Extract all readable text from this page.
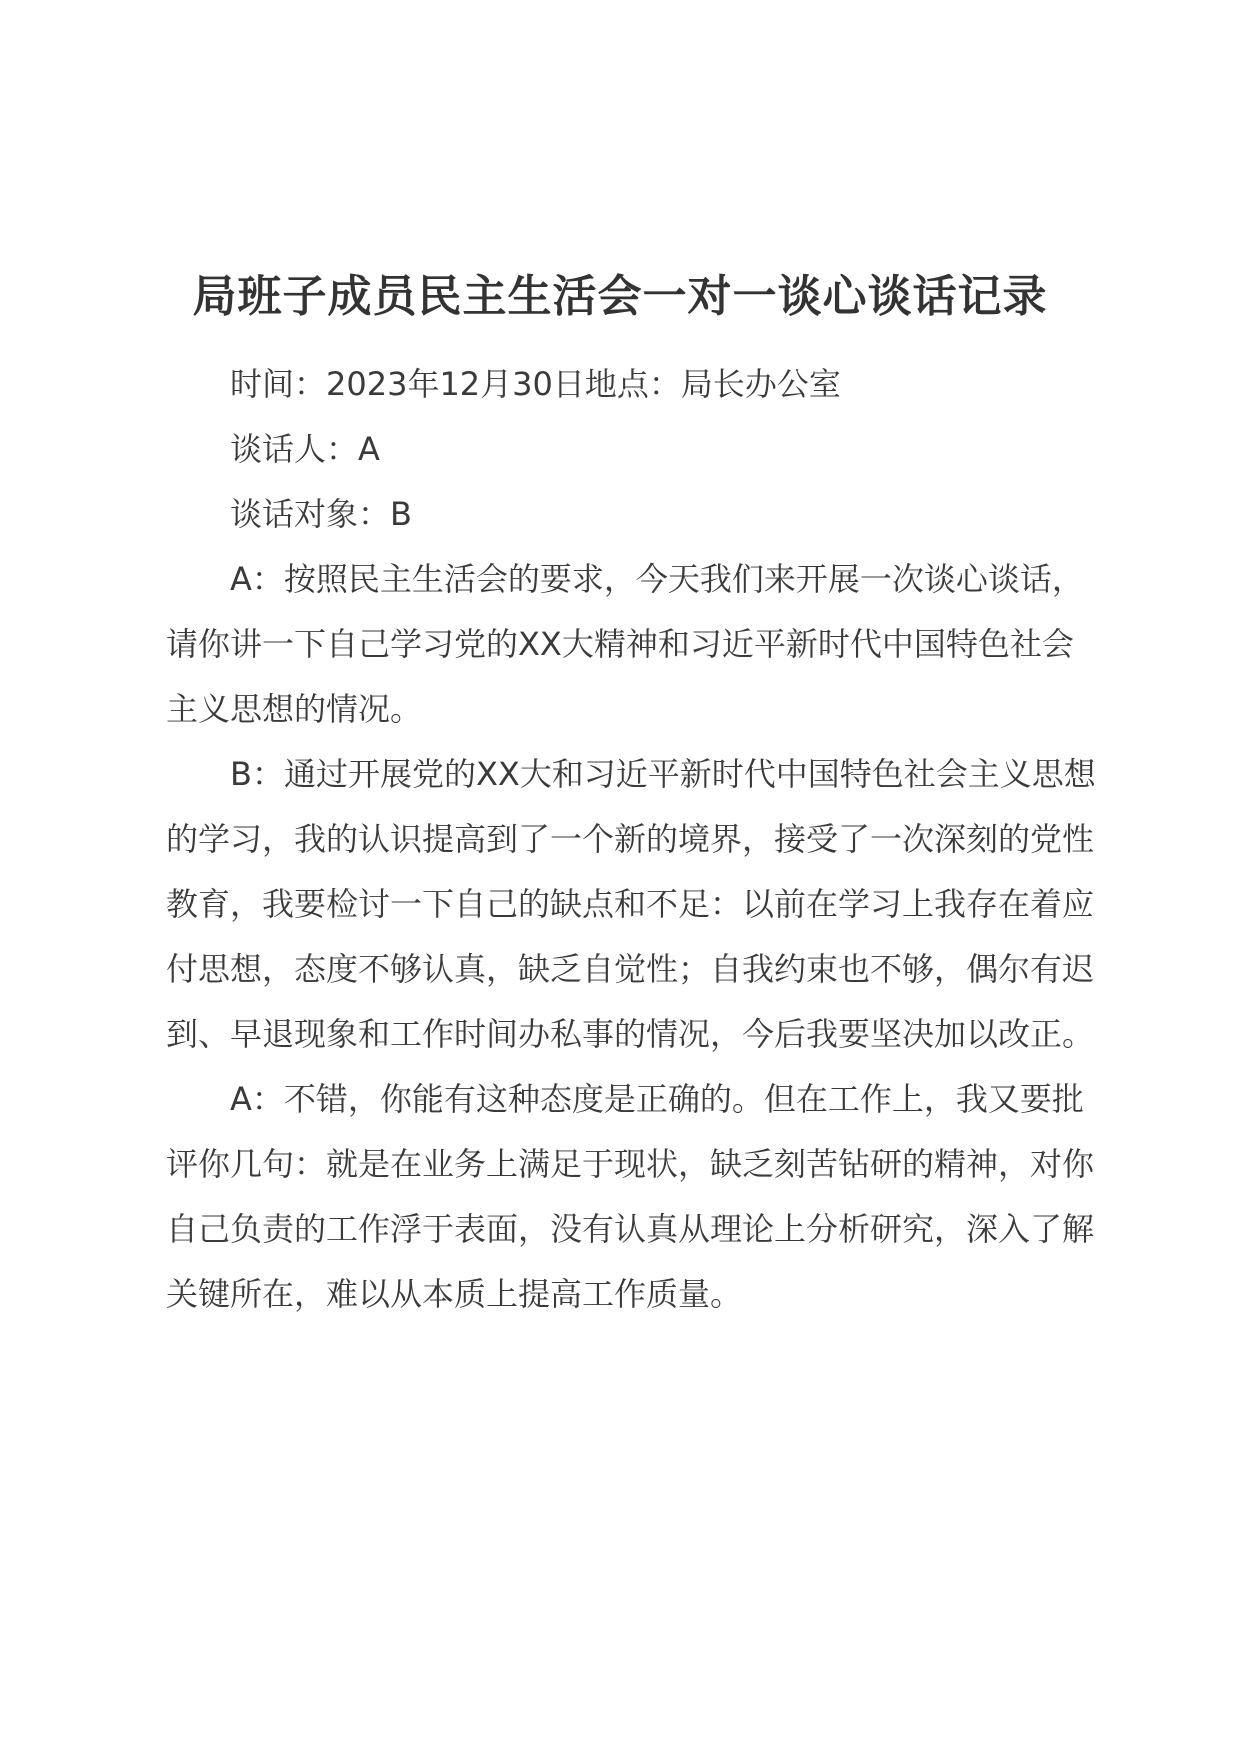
局班子成员民主生活会一对一谈心谈话记录

时间：2023年12月30日地点：局长办公室

谈话人：A

谈话对象：B

A：按照民主生活会的要求，今天我们来开展一次谈心谈话，请你讲一下自己学习党的XX大精神和习近平新时代中国特色社会主义思想的情况。

B：通过开展党的XX大和习近平新时代中国特色社会主义思想的学习，我的认识提高到了一个新的境界，接受了一次深刻的党性教育，我要检讨一下自己的缺点和不足：以前在学习上我存在着应付思想，态度不够认真，缺乏自觉性；自我约束也不够，偶尔有迟到、早退现象和工作时间办私事的情况，今后我要坚决加以改正。

A：不错，你能有这种态度是正确的。但在工作上，我又要批评你几句：就是在业务上满足于现状，缺乏刻苦钻研的精神，对你自己负责的工作浮于表面，没有认真从理论上分析研究，深入了解关键所在，难以从本质上提高工作质量。
